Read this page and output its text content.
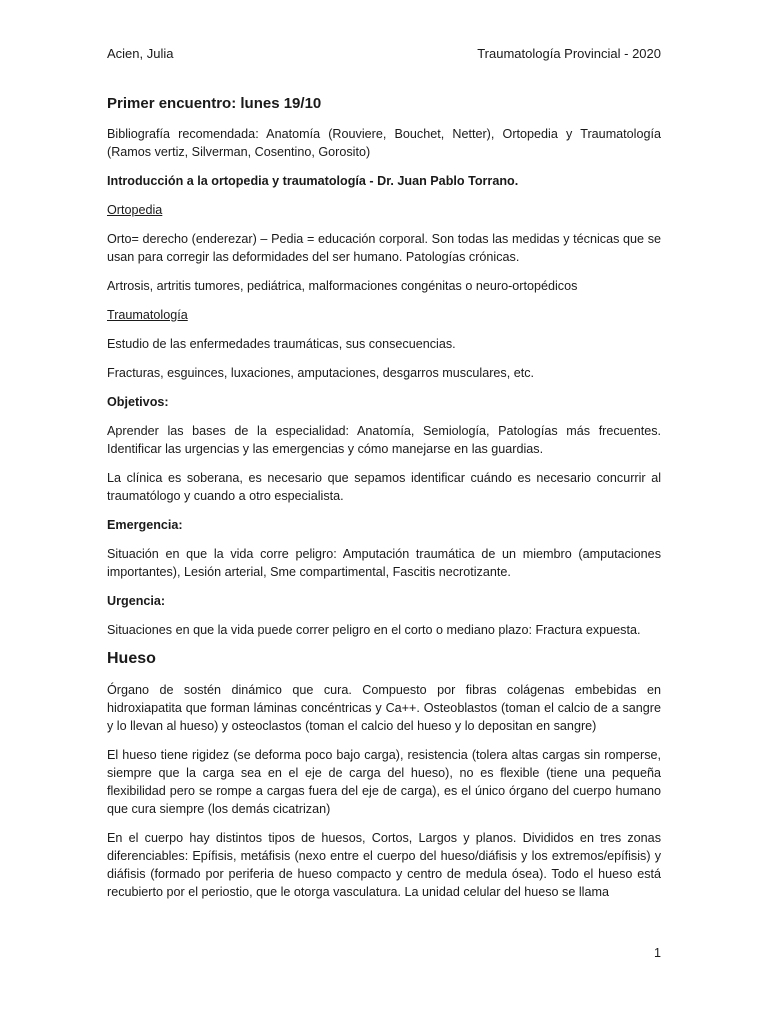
Acien, Julia	Traumatología Provincial - 2020
Primer encuentro: lunes 19/10

Bibliografía recomendada: Anatomía (Rouviere, Bouchet, Netter), Ortopedia y Traumatología (Ramos vertiz, Silverman, Cosentino, Gorosito)

Introducción a la ortopedia y traumatología - Dr. Juan Pablo Torrano.

Ortopedia

Orto= derecho (enderezar) – Pedia = educación corporal. Son todas las medidas y técnicas que se usan para corregir las deformidades del ser humano. Patologías crónicas.

Artrosis, artritis tumores, pediátrica, malformaciones congénitas o neuro-ortopédicos

Traumatología

Estudio de las enfermedades traumáticas, sus consecuencias.

Fracturas, esguinces, luxaciones, amputaciones, desgarros musculares, etc.

Objetivos:

Aprender las bases de la especialidad: Anatomía, Semiología, Patologías más frecuentes. Identificar las urgencias y las emergencias y cómo manejarse en las guardias.

La clínica es soberana, es necesario que sepamos identificar cuándo es necesario concurrir al traumatólogo y cuando a otro especialista.

Emergencia:

Situación en que la vida corre peligro: Amputación traumática de un miembro (amputaciones importantes), Lesión arterial, Sme compartimental, Fascitis necrotizante.

Urgencia:

Situaciones en que la vida puede correr peligro en el corto o mediano plazo: Fractura expuesta.

Hueso

Órgano de sostén dinámico que cura. Compuesto por fibras colágenas embebidas en hidroxiapatita que forman láminas concéntricas y Ca++. Osteoblastos (toman el calcio de a sangre y lo llevan al hueso) y osteoclastos (toman el calcio del hueso y lo depositan en sangre)

El hueso tiene rigidez (se deforma poco bajo carga), resistencia (tolera altas cargas sin romperse, siempre que la carga sea en el eje de carga del hueso), no es flexible (tiene una pequeña flexibilidad pero se rompe a cargas fuera del eje de carga), es el único órgano del cuerpo humano que cura siempre (los demás cicatrizan)

En el cuerpo hay distintos tipos de huesos, Cortos, Largos y planos. Divididos en tres zonas diferenciables: Epífisis, metáfisis (nexo entre el cuerpo del hueso/diáfisis y los extremos/epífisis) y diáfisis (formado por periferia de hueso compacto y centro de medula ósea). Todo el hueso está recubierto por el periostio, que le otorga vasculatura. La unidad celular del hueso se llama

1
